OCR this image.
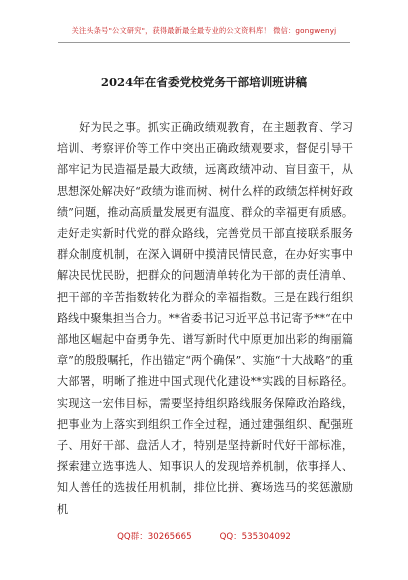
关注头条号"公文研究"，获得最新最全最专业的公文资料库！ 微信：gongwenyj
2024年在省委党校党务干部培训班讲稿

好为民之事。抓实正确政绩观教育，在主题教育、学习培训、考察评价等工作中突出正确政绩观要求，督促引导干部牢记为民造福是最大政绩，远离政绩冲动、盲目蛮干，从思想深处解决好“政绩为谁而树、树什么样的政绩怎样树好政绩”问题，推动高质量发展更有温度、群众的幸福更有质感。走好走实新时代党的群众路线，完善党员干部直接联系服务群众制度机制，在深入调研中摸清民情民意，在办好实事中解决民忧民盼，把群众的问题清单转化为干部的责任清单、把干部的辛苦指数转化为群众的幸福指数。三是在践行组织路线中聚集担当合力。**省委书记习近平总书记寄予**“在中部地区崛起中奋勇争先、谱写新时代中原更加出彩的绚丽篇章”的殷殷嘱托，作出锚定“两个确保”、实施“十大战略”的重大部署，明晰了推进中国式现代化建设**实践的目标路径。实现这一宏伟目标，需要坚持组织路线服务保障政治路线，把事业为上落实到组织工作全过程，通过建强组织、配强班子、用好干部、盘活人才，特别是坚持新时代好干部标准，探索建立选事选人、知事识人的发现培养机制，依事择人、知人善任的选拔任用机制，排位比拼、赛场选马的奖惩激励机

QQ群：30265665	QQ：535304092
